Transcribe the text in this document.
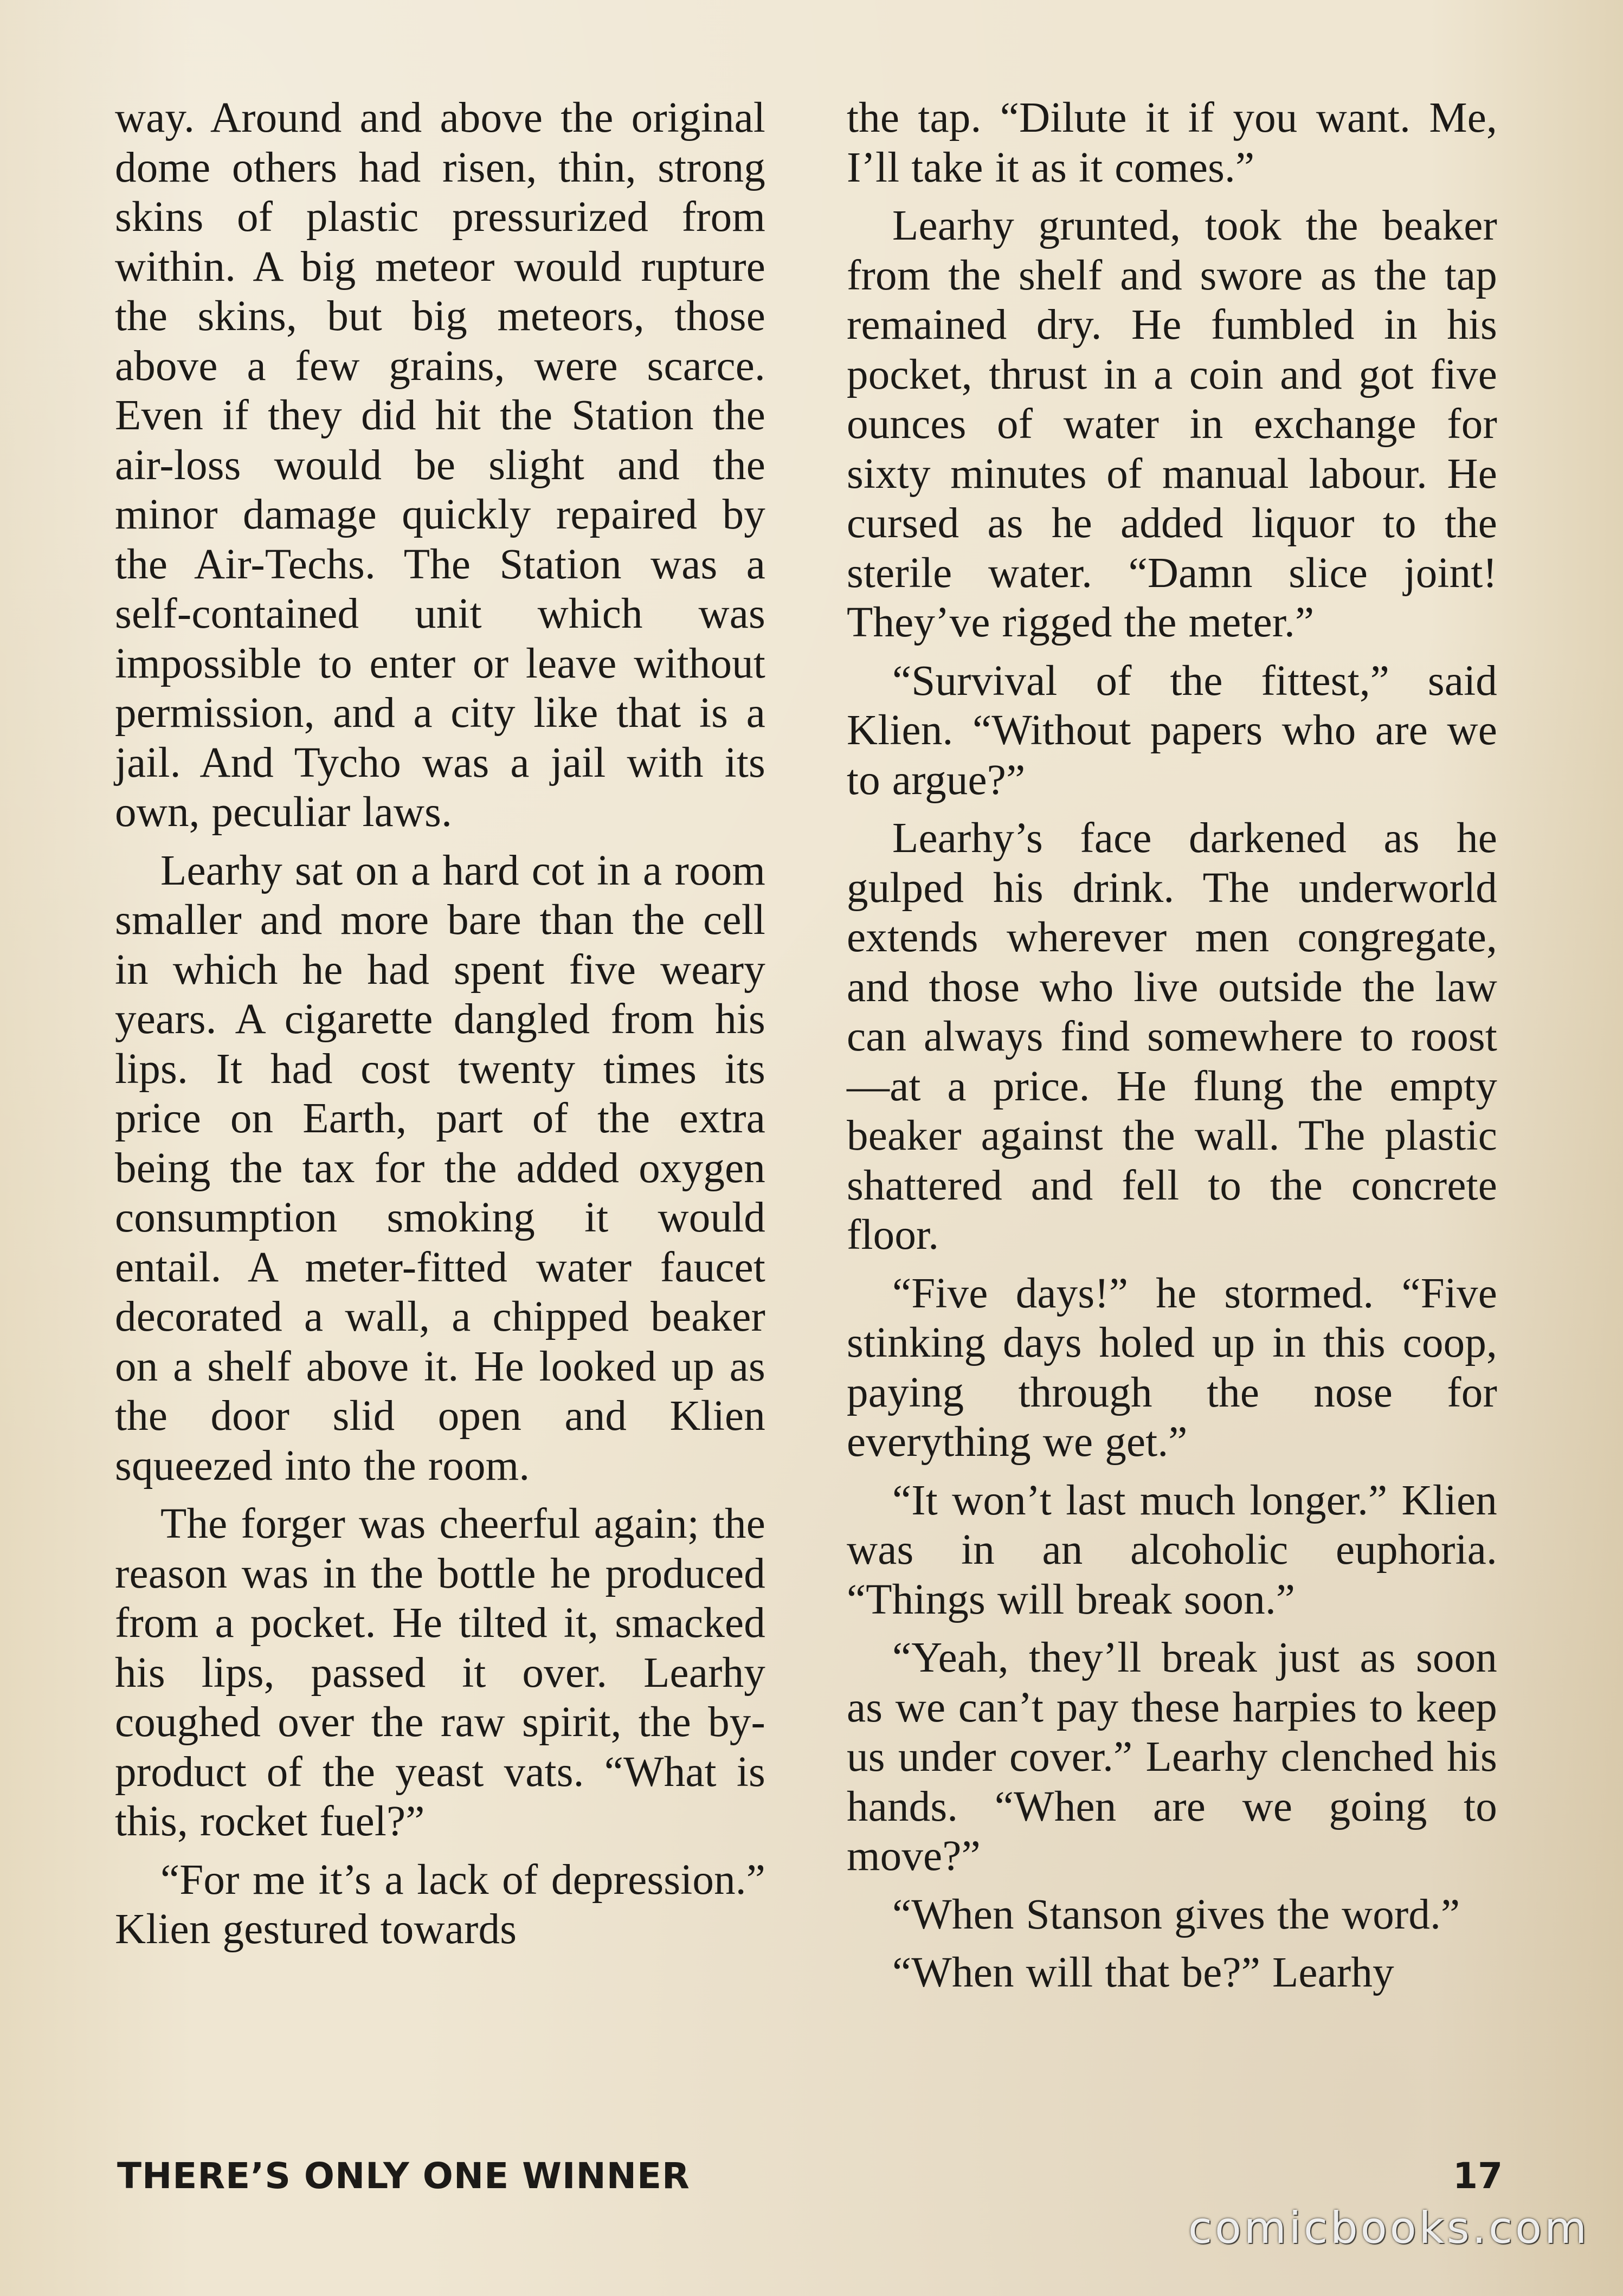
way. Around and above the original dome others had risen, thin, strong skins of plastic pressurized from within. A big meteor would rupture the skins, but big meteors, those above a few grains, were scarce. Even if they did hit the Station the air-loss would be slight and the minor damage quickly repaired by the Air-Techs. The Station was a self-contained unit which was impossible to enter or leave without permission, and a city like that is a jail. And Tycho was a jail with its own, peculiar laws.

Learhy sat on a hard cot in a room smaller and more bare than the cell in which he had spent five weary years. A cigarette dangled from his lips. It had cost twenty times its price on Earth, part of the extra being the tax for the added oxygen consumption smoking it would entail. A meter-fitted water faucet decorated a wall, a chipped beaker on a shelf above it. He looked up as the door slid open and Klien squeezed into the room.

The forger was cheerful again; the reason was in the bottle he produced from a pocket. He tilted it, smacked his lips, passed it over. Learhy coughed over the raw spirit, the by-product of the yeast vats. “What is this, rocket fuel?”

“For me it’s a lack of depression.” Klien gestured towards

the tap. “Dilute it if you want. Me, I’ll take it as it comes.”

Learhy grunted, took the beaker from the shelf and swore as the tap remained dry. He fumbled in his pocket, thrust in a coin and got five ounces of water in exchange for sixty minutes of manual labour. He cursed as he added liquor to the sterile water. “Damn slice joint! They’ve rigged the meter.”

“Survival of the fittest,” said Klien. “Without papers who are we to argue?”

Learhy’s face darkened as he gulped his drink. The underworld extends wherever men congregate, and those who live outside the law can always find somewhere to roost—at a price. He flung the empty beaker against the wall. The plastic shattered and fell to the concrete floor.

“Five days!” he stormed. “Five stinking days holed up in this coop, paying through the nose for everything we get.”

“It won’t last much longer.” Klien was in an alcoholic euphoria. “Things will break soon.”

“Yeah, they’ll break just as soon as we can’t pay these harpies to keep us under cover.” Learhy clenched his hands. “When are we going to move?”

“When Stanson gives the word.”

“When will that be?” Learhy

THERE’S ONLY ONE WINNER	17
comicbooks.com
